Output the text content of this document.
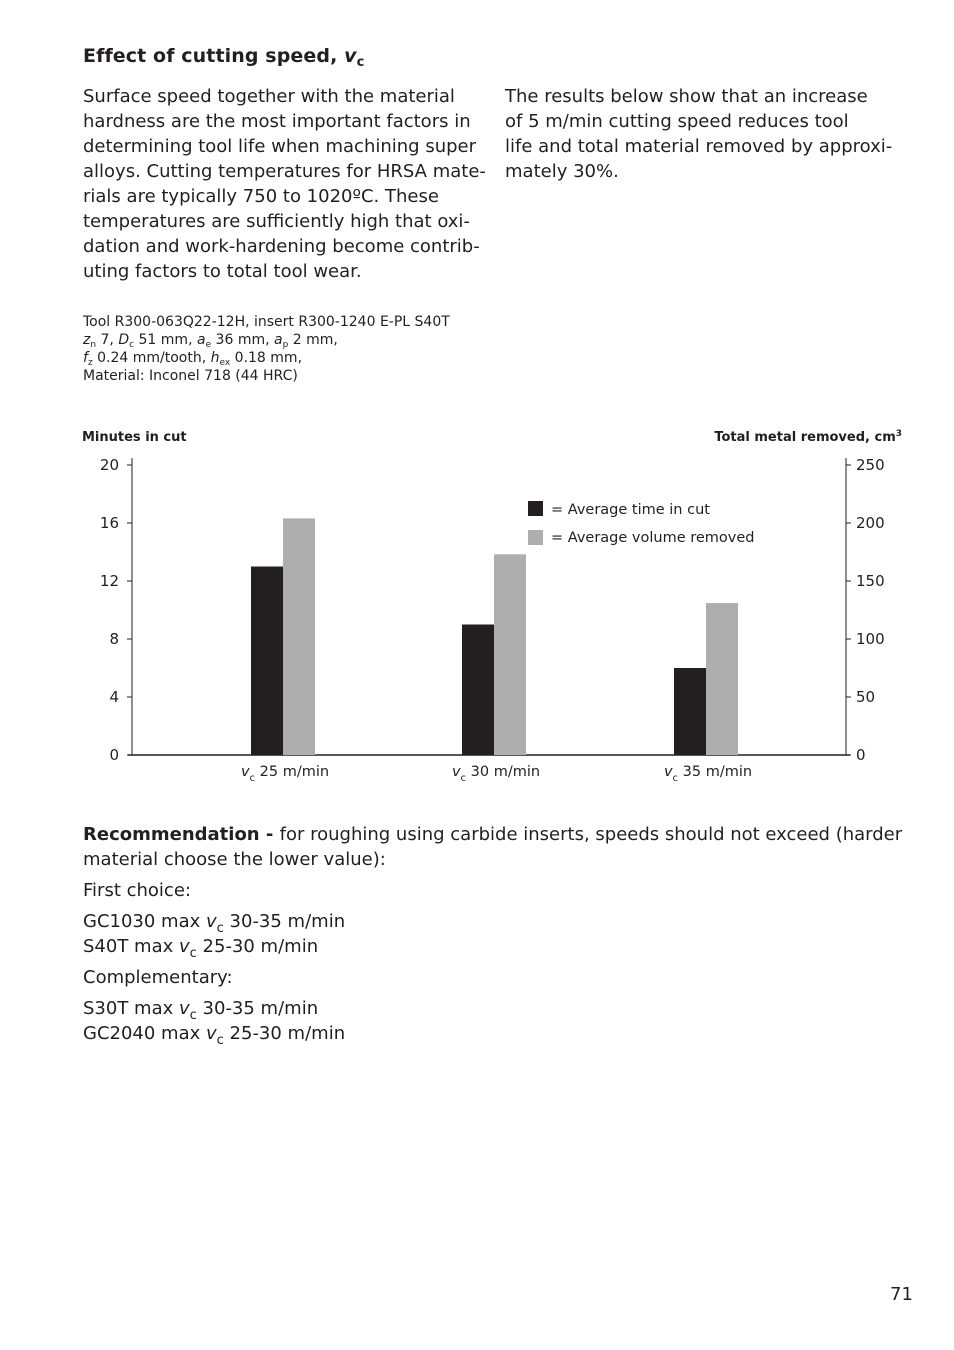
Effect of cutting speed, $v_c$

Surface speed together with the material
hardness are the most important factors in
determining tool life when machining super
alloys. Cutting temperatures for HRSA mate-
rials are typically 750 to 1020ºC. These
temperatures are sufficiently high that oxi-
dation and work-hardening become contrib-
uting factors to total tool wear.

The results below show that an increase
of 5 m/min cutting speed reduces tool
life and total material removed by approxi-
mately 30%.

Tool R300-063Q22-12H, insert R300-1240 E-PL S40T
$z_n$ 7, $D_c$ 51 mm, $a_e$ 36 mm, $a_p$ 2 mm,
$f_z$ 0.24 mm/tooth, $h_{ex}$ 0.18 mm,
Material: Inconel 718 (44 HRC)
Minutes in cut	Total metal removed, $cm^3$
0
4
8
12
16
20
0
50
100
150
200
250
$v_c$ 25 m/min	$v_c$ 30 m/min	$v_c$ 35 m/min
= Average time in cut
= Average volume removed
Recommendation - for roughing using carbide inserts, speeds should not exceed (harder
material choose the lower value):
First choice:
GC1030 $\max v_c$ 30-35 m/min
S40T $\max v_c$ 25-30 m/min
Complementary:
S30T $\max v_c$ 30-35 m/min
GC2040 $\max v_c$ 25-30 m/min
71
